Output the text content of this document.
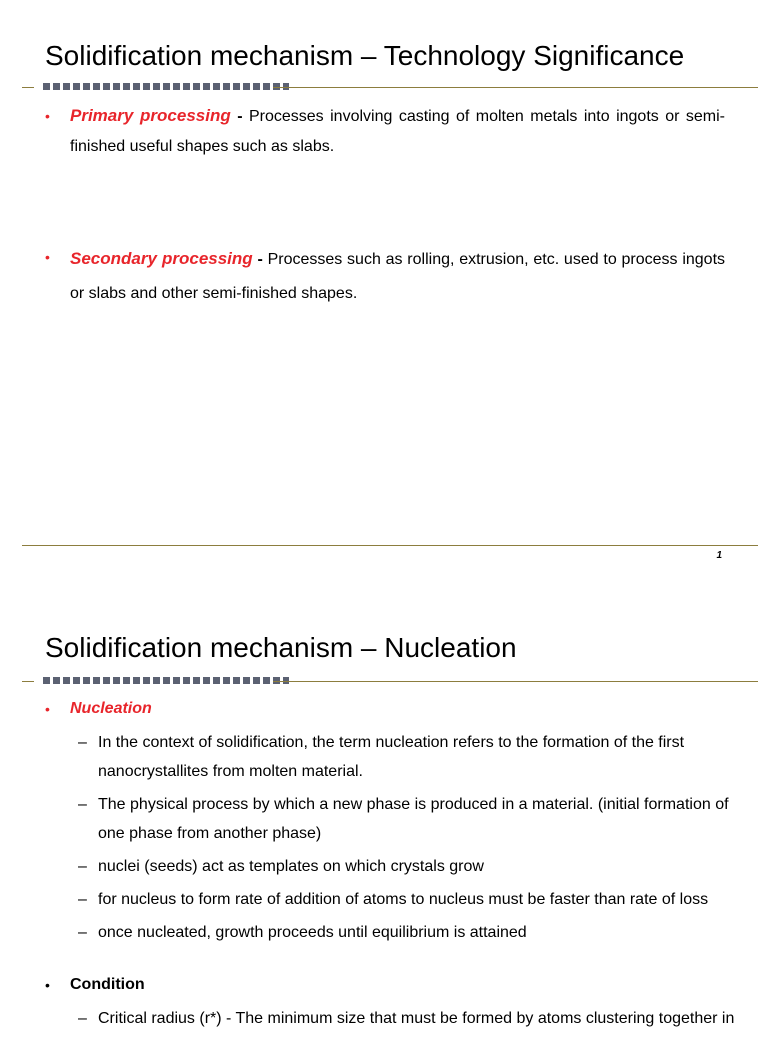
Solidification mechanism – Technology Significance
• Primary processing - Processes involving casting of molten metals into ingots or semi-finished useful shapes such as slabs.
• Secondary processing - Processes such as rolling, extrusion, etc. used to process ingots or slabs and other semi-finished shapes.
1
Solidification mechanism – Nucleation
• Nucleation
– In the context of solidification, the term nucleation refers to the formation of the first nanocrystallites from molten material.
– The physical process by which a new phase is produced in a material. (initial formation of one phase from another phase)
– nuclei (seeds) act as templates on which crystals grow
– for nucleus to form rate of addition of atoms to nucleus must be faster than rate of loss
– once nucleated, growth proceeds until equilibrium is attained
• Condition
– Critical radius (r*) - The minimum size that must be formed by atoms clustering together in
